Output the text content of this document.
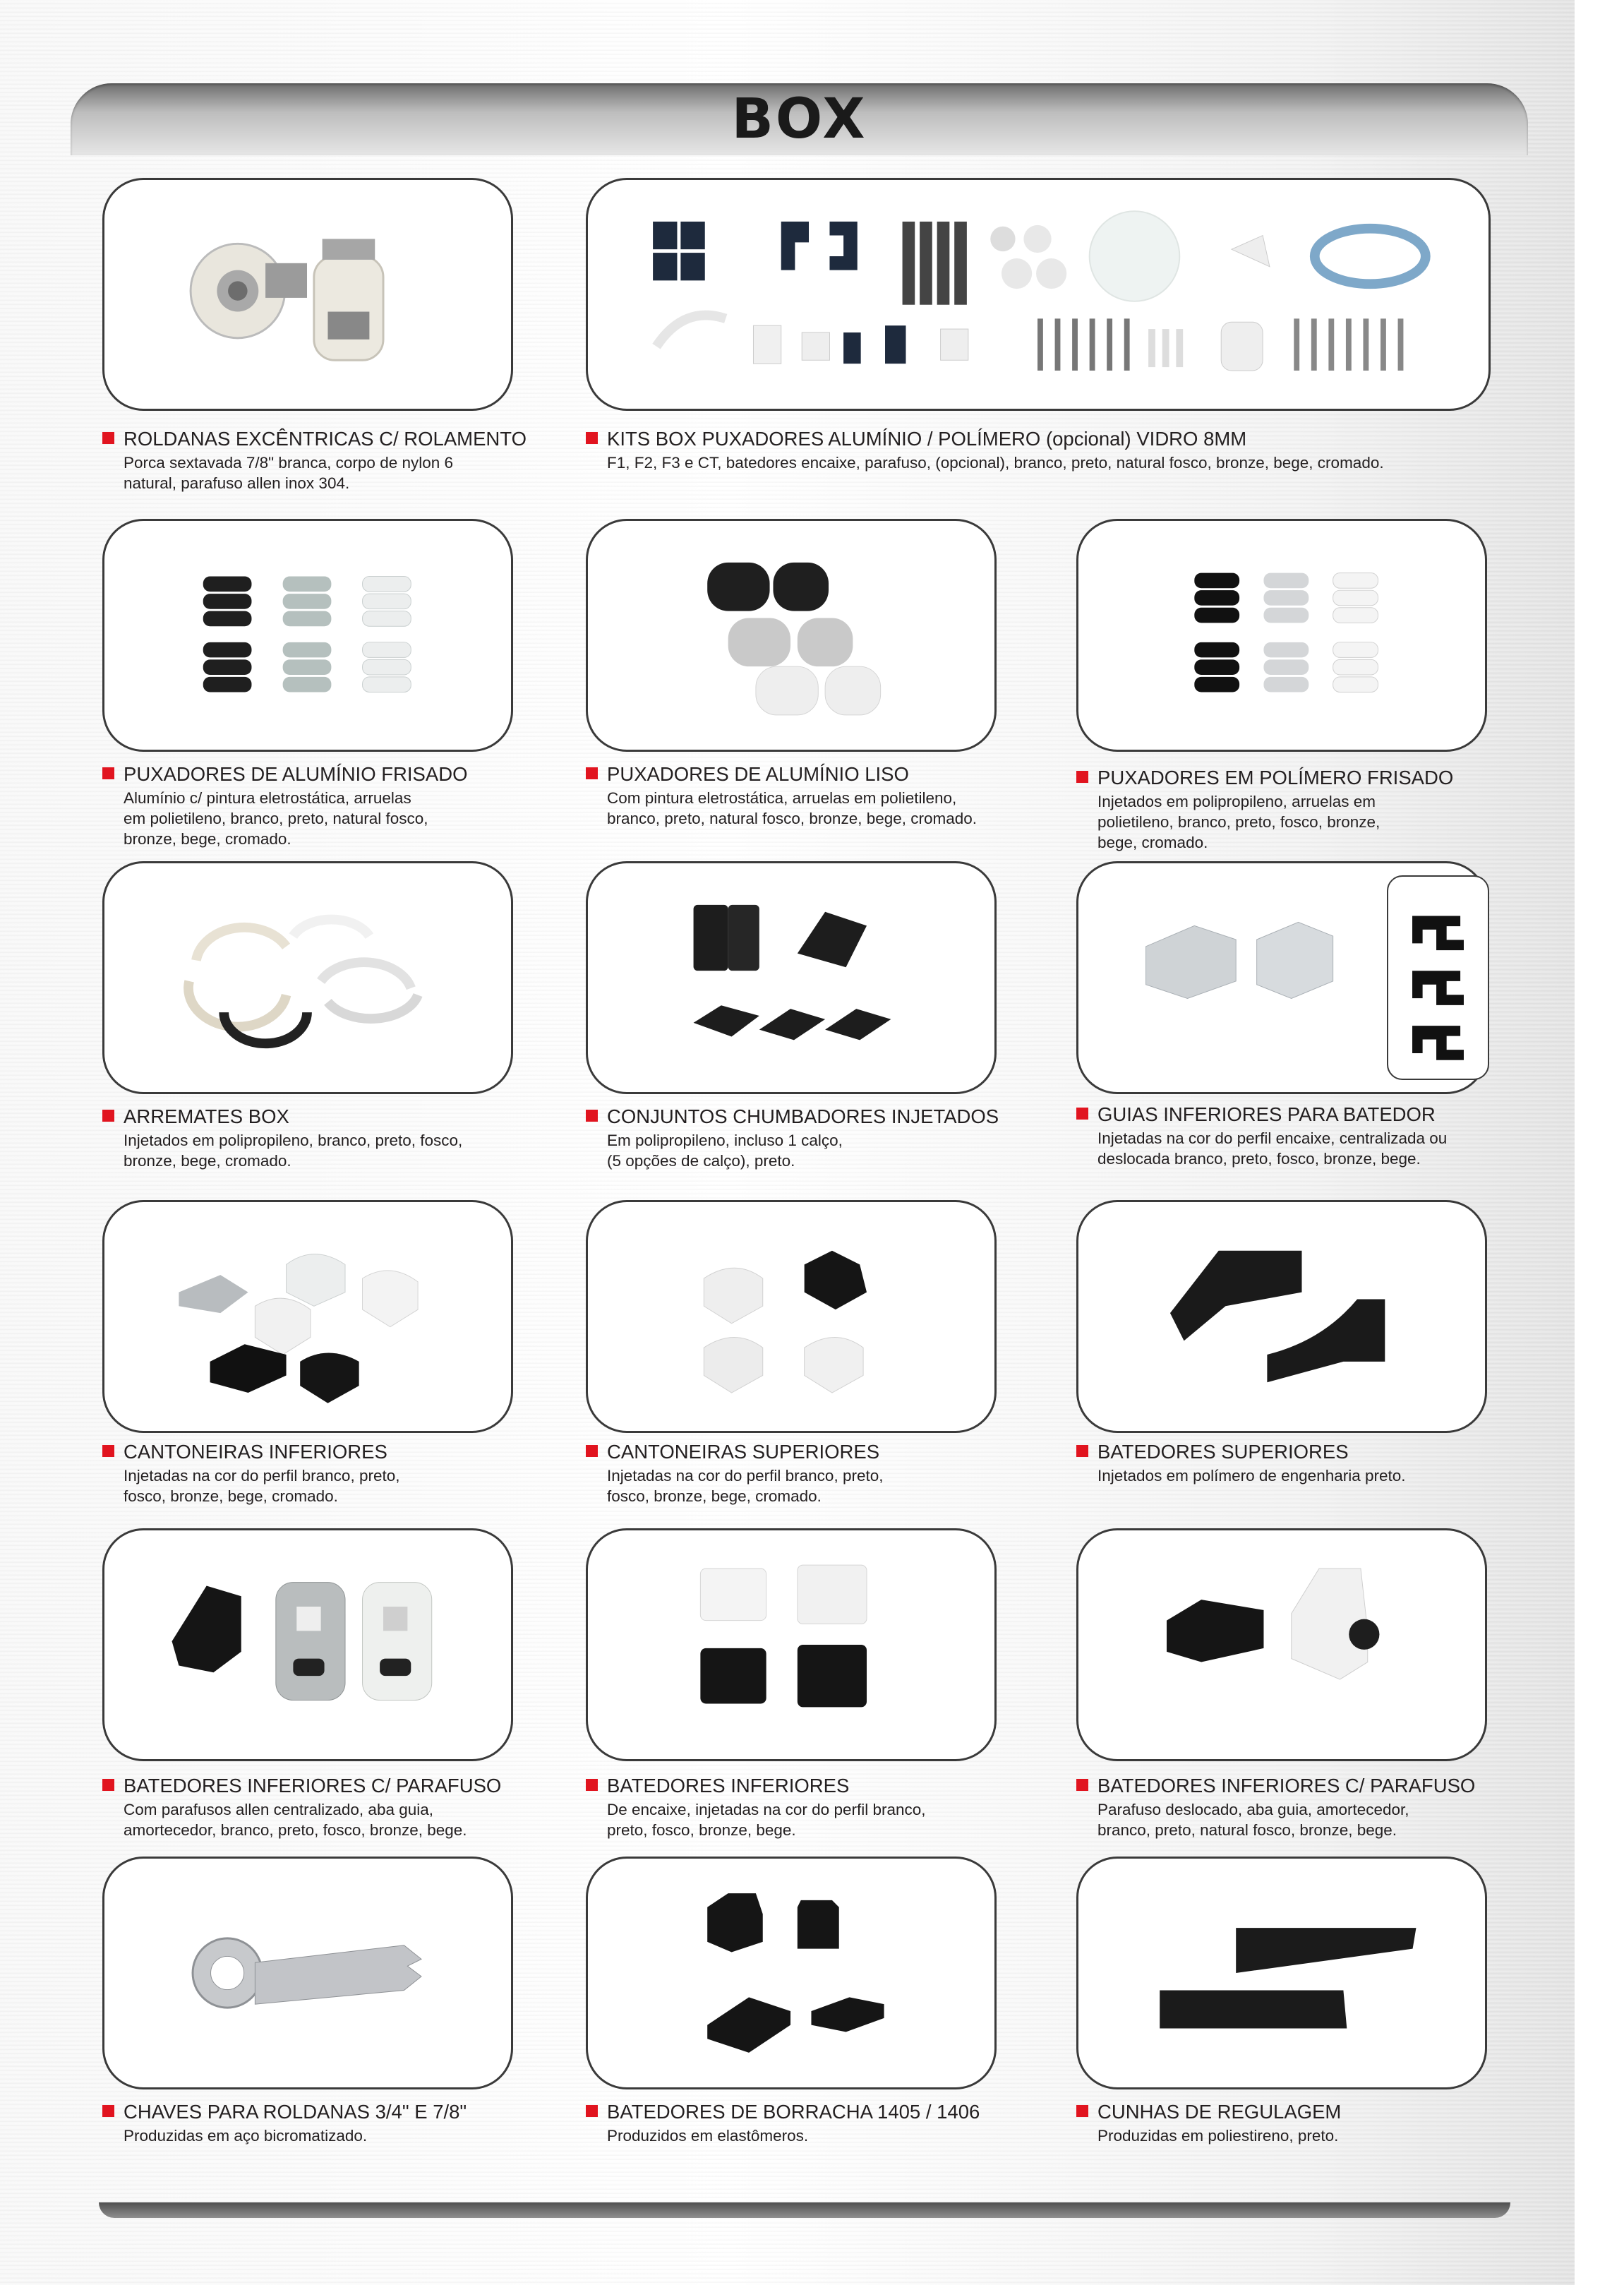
BOX
ROLDANAS EXCÊNTRICAS C/ ROLAMENTO
Porca sextavada 7/8" branca, corpo de nylon 6
natural, parafuso allen inox 304.
KITS BOX PUXADORES ALUMÍNIO / POLÍMERO (opcional) VIDRO 8MM
F1, F2, F3 e CT, batedores encaixe, parafuso, (opcional), branco, preto, natural fosco, bronze, bege, cromado.
PUXADORES DE ALUMÍNIO FRISADO
Alumínio c/ pintura eletrostática, arruelas
em polietileno, branco, preto, natural fosco,
bronze, bege, cromado.
PUXADORES DE ALUMÍNIO LISO
Com pintura eletrostática, arruelas em polietileno,
branco, preto, natural fosco, bronze, bege, cromado.
PUXADORES EM POLÍMERO FRISADO
Injetados em polipropileno, arruelas em
polietileno, branco, preto, fosco, bronze,
bege, cromado.
ARREMATES BOX
Injetados em polipropileno, branco, preto, fosco,
bronze, bege, cromado.
CONJUNTOS CHUMBADORES INJETADOS
Em polipropileno, incluso 1 calço,
(5 opções de calço), preto.
GUIAS INFERIORES PARA BATEDOR
Injetadas na cor do perfil encaixe, centralizada ou
deslocada branco, preto, fosco, bronze, bege.
CANTONEIRAS INFERIORES
Injetadas na cor do perfil branco, preto,
fosco, bronze, bege, cromado.
CANTONEIRAS SUPERIORES
Injetadas na cor do perfil branco, preto,
fosco, bronze, bege, cromado.
BATEDORES SUPERIORES
Injetados em polímero de engenharia preto.
BATEDORES INFERIORES C/ PARAFUSO
Com parafusos allen centralizado, aba guia,
amortecedor, branco, preto, fosco, bronze, bege.
BATEDORES INFERIORES
De encaixe, injetadas na cor do perfil branco,
preto, fosco, bronze, bege.
BATEDORES INFERIORES C/ PARAFUSO
Parafuso deslocado, aba guia, amortecedor,
branco, preto, natural fosco, bronze, bege.
CHAVES PARA ROLDANAS 3/4" E 7/8"
Produzidas em aço bicromatizado.
BATEDORES DE BORRACHA 1405 / 1406
Produzidos em elastômeros.
CUNHAS DE REGULAGEM
Produzidas em poliestireno, preto.
